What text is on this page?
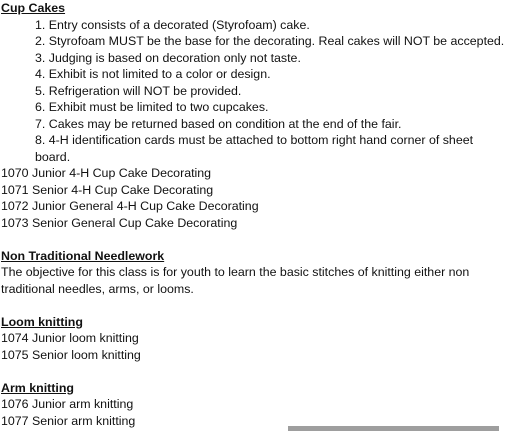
Cup Cakes
1. Entry consists of a decorated (Styrofoam) cake.
2. Styrofoam MUST be the base for the decorating. Real cakes will NOT be accepted.
3. Judging is based on decoration only not taste.
4. Exhibit is not limited to a color or design.
5. Refrigeration will NOT be provided.
6. Exhibit must be limited to two cupcakes.
7. Cakes may be returned based on condition at the end of the fair.
8. 4-H identification cards must be attached to bottom right hand corner of sheet board.
1070 Junior 4-H Cup Cake Decorating
1071 Senior 4-H Cup Cake Decorating
1072 Junior General 4-H Cup Cake Decorating
1073 Senior General Cup Cake Decorating
Non Traditional Needlework
The objective for this class is for youth to learn the basic stitches of knitting either non traditional needles, arms, or looms.
Loom knitting
1074 Junior loom knitting
1075 Senior loom knitting
Arm knitting
1076 Junior arm knitting
1077 Senior arm knitting
